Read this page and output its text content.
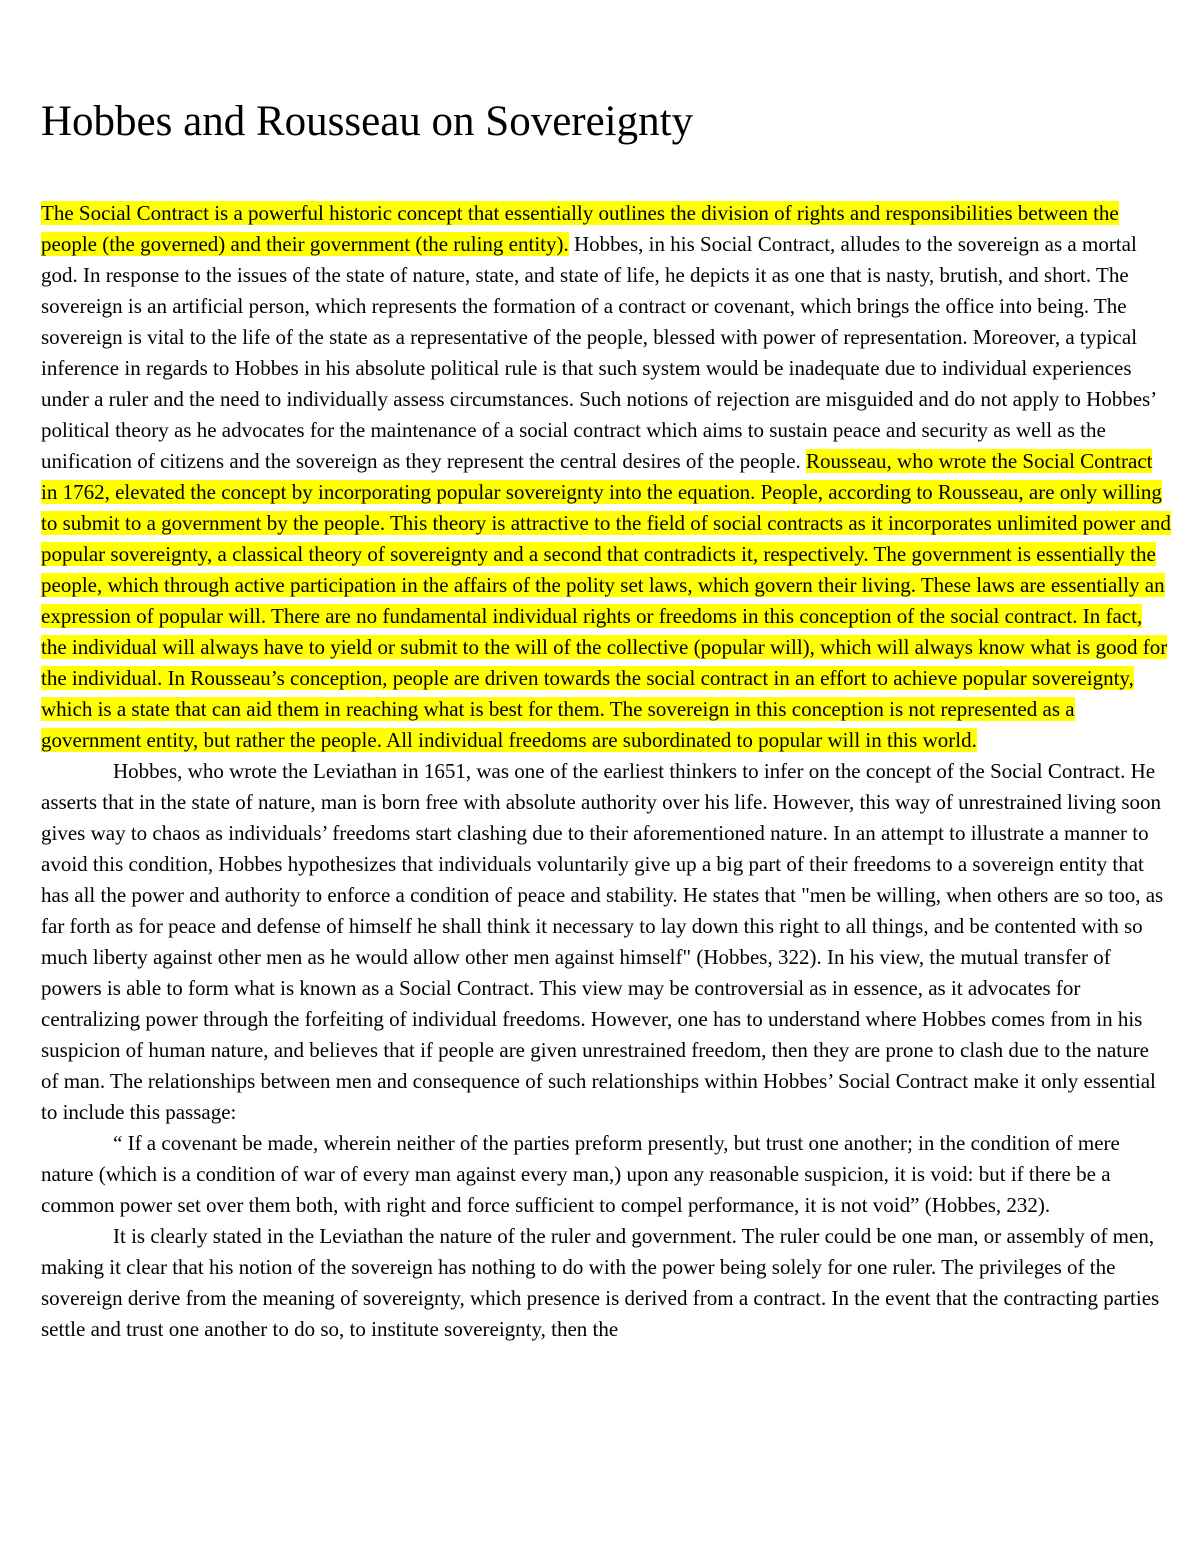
Hobbes and Rousseau on Sovereignty

The Social Contract is a powerful historic concept that essentially outlines the division of rights and responsibilities between the people (the governed) and their government (the ruling entity). Hobbes, in his Social Contract, alludes to the sovereign as a mortal god. In response to the issues of the state of nature, state, and state of life, he depicts it as one that is nasty, brutish, and short. The sovereign is an artificial person, which represents the formation of a contract or covenant, which brings the office into being. The sovereign is vital to the life of the state as a representative of the people, blessed with power of representation. Moreover, a typical inference in regards to Hobbes in his absolute political rule is that such system would be inadequate due to individual experiences under a ruler and the need to individually assess circumstances. Such notions of rejection are misguided and do not apply to Hobbes’ political theory as he advocates for the maintenance of a social contract which aims to sustain peace and security as well as the unification of citizens and the sovereign as they represent the central desires of the people. Rousseau, who wrote the Social Contract in 1762, elevated the concept by incorporating popular sovereignty into the equation. People, according to Rousseau, are only willing to submit to a government by the people. This theory is attractive to the field of social contracts as it incorporates unlimited power and popular sovereignty, a classical theory of sovereignty and a second that contradicts it, respectively. The government is essentially the people, which through active participation in the affairs of the polity set laws, which govern their living. These laws are essentially an expression of popular will. There are no fundamental individual rights or freedoms in this conception of the social contract. In fact, the individual will always have to yield or submit to the will of the collective (popular will), which will always know what is good for the individual. In Rousseau’s conception, people are driven towards the social contract in an effort to achieve popular sovereignty, which is a state that can aid them in reaching what is best for them. The sovereign in this conception is not represented as a government entity, but rather the people. All individual freedoms are subordinated to popular will in this world.

Hobbes, who wrote the Leviathan in 1651, was one of the earliest thinkers to infer on the concept of the Social Contract. He asserts that in the state of nature, man is born free with absolute authority over his life. However, this way of unrestrained living soon gives way to chaos as individuals’ freedoms start clashing due to their aforementioned nature. In an attempt to illustrate a manner to avoid this condition, Hobbes hypothesizes that individuals voluntarily give up a big part of their freedoms to a sovereign entity that has all the power and authority to enforce a condition of peace and stability. He states that "men be willing, when others are so too, as far forth as for peace and defense of himself he shall think it necessary to lay down this right to all things, and be contented with so much liberty against other men as he would allow other men against himself" (Hobbes, 322). In his view, the mutual transfer of powers is able to form what is known as a Social Contract. This view may be controversial as in essence, as it advocates for centralizing power through the forfeiting of individual freedoms. However, one has to understand where Hobbes comes from in his suspicion of human nature, and believes that if people are given unrestrained freedom, then they are prone to clash due to the nature of man. The relationships between men and consequence of such relationships within Hobbes’ Social Contract make it only essential to include this passage:

“ If a covenant be made, wherein neither of the parties preform presently, but trust one another; in the condition of mere nature (which is a condition of war of every man against every man,) upon any reasonable suspicion, it is void: but if there be a common power set over them both, with right and force sufficient to compel performance, it is not void” (Hobbes, 232).

It is clearly stated in the Leviathan the nature of the ruler and government. The ruler could be one man, or assembly of men, making it clear that his notion of the sovereign has nothing to do with the power being solely for one ruler. The privileges of the sovereign derive from the meaning of sovereignty, which presence is derived from a contract. In the event that the contracting parties settle and trust one another to do so, to institute sovereignty, then the
